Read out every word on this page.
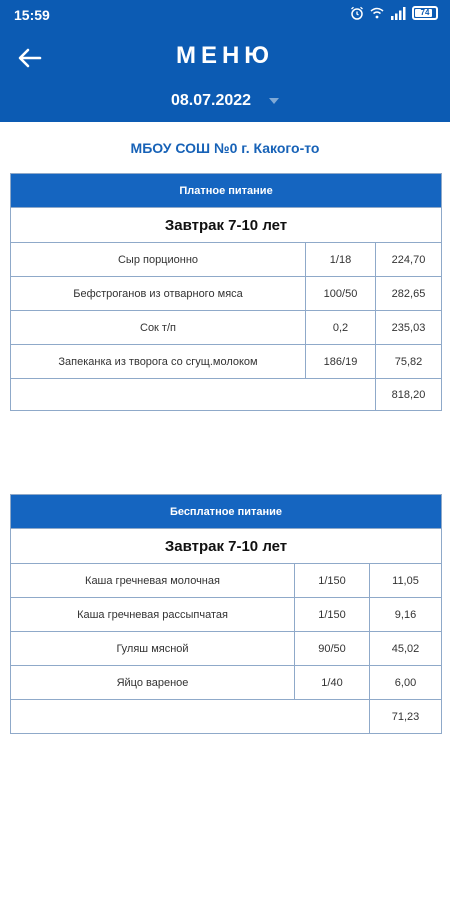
15:59	74
МЕНЮ
08.07.2022
МБОУ СОШ №0 г. Какого-то
Платное питание
Завтрак 7-10 лет
Сыр порционно	1/18	224,70
Бефстроганов из отварного мяса	100/50	282,65
Сок т/п	0,2	235,03
Запеканка из творога со сгущ.молоком	186/19	75,82
818,20
Бесплатное питание
Завтрак 7-10 лет
Каша гречневая молочная	1/150	11,05
Каша гречневая рассыпчатая	1/150	9,16
Гуляш мясной	90/50	45,02
Яйцо вареное	1/40	6,00
71,23
